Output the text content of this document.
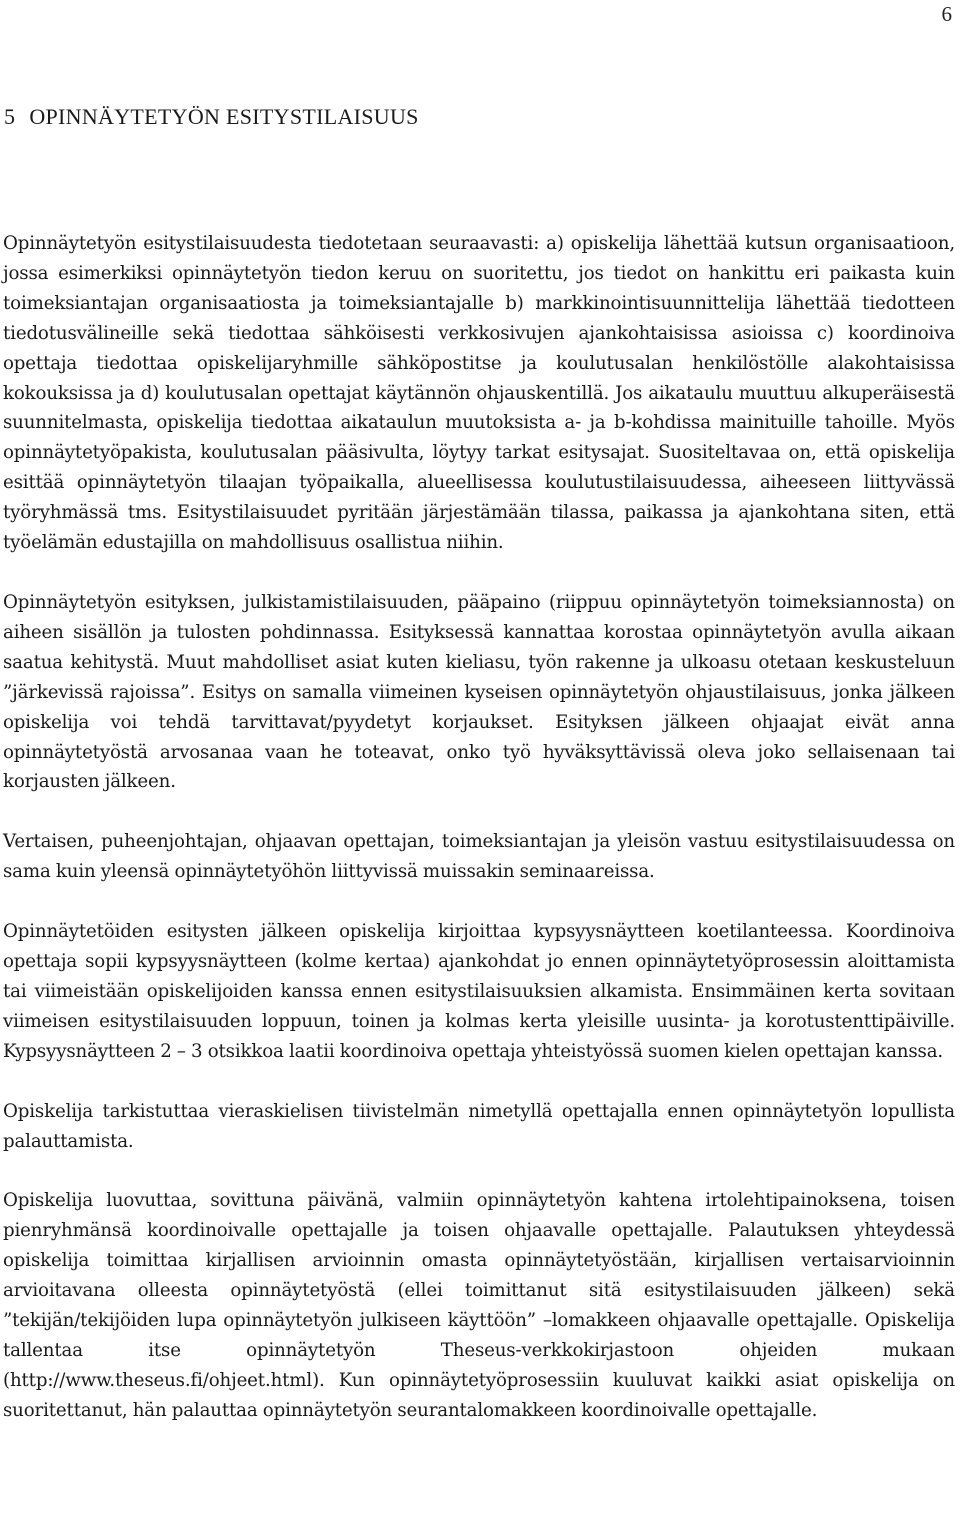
6
5 OPINNÄYTETYÖN ESITYSTILAISUUS

Opinnäytetyön esitystilaisuudesta tiedotetaan seuraavasti: a) opiskelija lähettää kutsun organisaatioon, jossa esimerkiksi opinnäytetyön tiedon keruu on suoritettu, jos tiedot on hankittu eri paikasta kuin toimeksiantajan organisaatiosta ja toimeksiantajalle b) markkinointisuunnittelija lähettää tiedotteen tiedotusvälineille sekä tiedottaa sähköisesti verkkosivujen ajankohtaisissa asioissa c) koordinoiva opettaja tiedottaa opiskelijaryhmille sähköpostitse ja koulutusalan henkilöstölle alakohtaisissa kokouksissa ja d) koulutusalan opettajat käytännön ohjauskentillä. Jos aikataulu muuttuu alkuperäisestä suunnitelmasta, opiskelija tiedottaa aikataulun muutoksista a- ja b-kohdissa mainituille tahoille. Myös opinnäytetyöpakista, koulutusalan pääsivulta, löytyy tarkat esitysajat. Suositeltavaa on, että opiskelija esittää opinnäytetyön tilaajan työpaikalla, alueellisessa koulutustilaisuudessa, aiheeseen liittyvässä työryhmässä tms. Esitystilaisuudet pyritään järjestämään tilassa, paikassa ja ajankohtana siten, että työelämän edustajilla on mahdollisuus osallistua niihin.

Opinnäytetyön esityksen, julkistamistilaisuuden, pääpaino (riippuu opinnäytetyön toimeksiannosta) on aiheen sisällön ja tulosten pohdinnassa. Esityksessä kannattaa korostaa opinnäytetyön avulla aikaan saatua kehitystä. Muut mahdolliset asiat kuten kieliasu, työn rakenne ja ulkoasu otetaan keskusteluun ”järkevissä rajoissa”. Esitys on samalla viimeinen kyseisen opinnäytetyön ohjaustilaisuus, jonka jälkeen opiskelija voi tehdä tarvittavat/pyydetyt korjaukset. Esityksen jälkeen ohjaajat eivät anna opinnäytetyöstä arvosanaa vaan he toteavat, onko työ hyväksyttävissä oleva joko sellaisenaan tai korjausten jälkeen.

Vertaisen, puheenjohtajan, ohjaavan opettajan, toimeksiantajan ja yleisön vastuu esitystilaisuudessa on sama kuin yleensä opinnäytetyöhön liittyvissä muissakin seminaareissa.

Opinnäytetöiden esitysten jälkeen opiskelija kirjoittaa kypsyysnäytteen koetilanteessa. Koordinoiva opettaja sopii kypsyysnäytteen (kolme kertaa) ajankohdat jo ennen opinnäytetyöprosessin aloittamista tai viimeistään opiskelijoiden kanssa ennen esitystilaisuuksien alkamista. Ensimmäinen kerta sovitaan viimeisen esitystilaisuuden loppuun, toinen ja kolmas kerta yleisille uusinta- ja korotustenttipäiville. Kypsyysnäytteen 2 – 3 otsikkoa laatii koordinoiva opettaja yhteistyössä suomen kielen opettajan kanssa.

Opiskelija tarkistuttaa vieraskielisen tiivistelmän nimetyllä opettajalla ennen opinnäytetyön lopullista palauttamista.

Opiskelija luovuttaa, sovittuna päivänä, valmiin opinnäytetyön kahtena irtolehtipainoksena, toisen pienryhmänsä koordinoivalle opettajalle ja toisen ohjaavalle opettajalle. Palautuksen yhteydessä opiskelija toimittaa kirjallisen arvioinnin omasta opinnäytetyöstään, kirjallisen vertaisarvioinnin arvioitavana olleesta opinnäytetyöstä (ellei toimittanut sitä esitystilaisuuden jälkeen) sekä ”tekijän/tekijöiden lupa opinnäytetyön julkiseen käyttöön” –lomakkeen ohjaavalle opettajalle. Opiskelija tallentaa itse opinnäytetyön Theseus-verkkokirjastoon ohjeiden mukaan (http://www.theseus.fi/ohjeet.html). Kun opinnäytetyöprosessiin kuuluvat kaikki asiat opiskelija on suoritettanut, hän palauttaa opinnäytetyön seurantalomakkeen koordinoivalle opettajalle.
